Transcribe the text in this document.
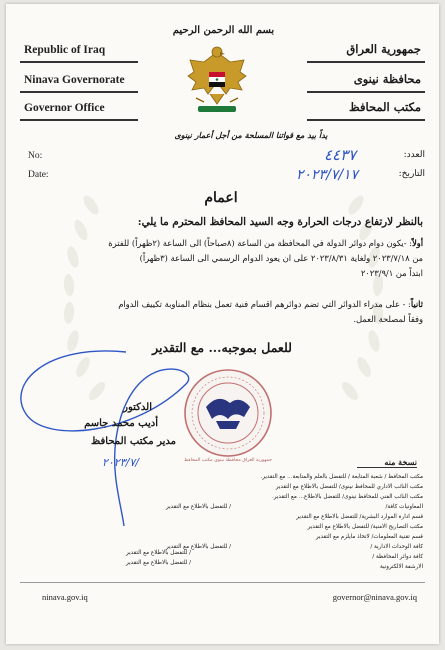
بسم الله الرحمن الرحيم
Republic of Iraq
Ninava Governorate
Governor Office
جمهورية العراق
محافظة نينوى
مكتب المحافظ
يداً بيد مع قواتنا المسلحة من أجل أعمار نينوى
No:
Date:
العدد:
التاريخ:
٤٤٣٧
٢٠٢٣/٧/١٧
اعمام
بالنظر لارتفاع درجات الحرارة وجه السيد المحافظ المحترم ما يلي:
أولاً: -يكون دوام دوائر الدولة في المحافظة من الساعة (٨صباحاً) الى الساعة (٢ظهراً) للفترة
من ٢٠٢٣/٧/١٨ ولغاية ٢٠٢٣/٨/٣١ على ان يعود الدوام الرسمي الى الساعة (٣ظهراً)
ابتداً من ٢٠٢٣/٩/١
ثانياً: - على مدراء الدوائر التي تضم دوائرهم اقسام فنية تعمل بنظام المناوبة تكييف الدوام
وفقاً لمصلحة العمل.
للعمل بموجبه... مع التقدير
جمهورية العراق محافظة نينوى مكتب المحافظ
الدكتور
أديب محمد جاسم
مدير مكتب المحافظ
٢٠٢٣/٧/	نسخة منه
مكتب المحافظ / شعبة المتابعة / للتفضل بالعلم والمتابعة... مع التقدير.
مكتب النائب الاداري للمحافظ نينوى/ للتفضل بالاطلاع مع التقدير
مكتب النائب الفني للمحافظ نينوى/ للتفضل بالاطلاع... مع التقدير.
المعاونيات كافة/
قسم ادارة الموارد البشرية/ للتفضل بالاطلاع مع التقدير
مكتب التصاريح الامنية/ للتفضل بالاطلاع مع التقدير
قسم تقنية المعلومات/ لاتخاذ مايلزم مع التقدير
كافة الوحدات الادارية /
كافة دوائر المحافظة /
الارشفة الالكترونية
/ للتفضل بالاطلاع مع التقدير
/ للتفضل بالاطلاع مع التقدير
/ للتفضل بالاطلاع مع التقدير
/ للتفضل بالاطلاع مع التقدير
ninava.gov.iq	governor@ninava.gov.iq
